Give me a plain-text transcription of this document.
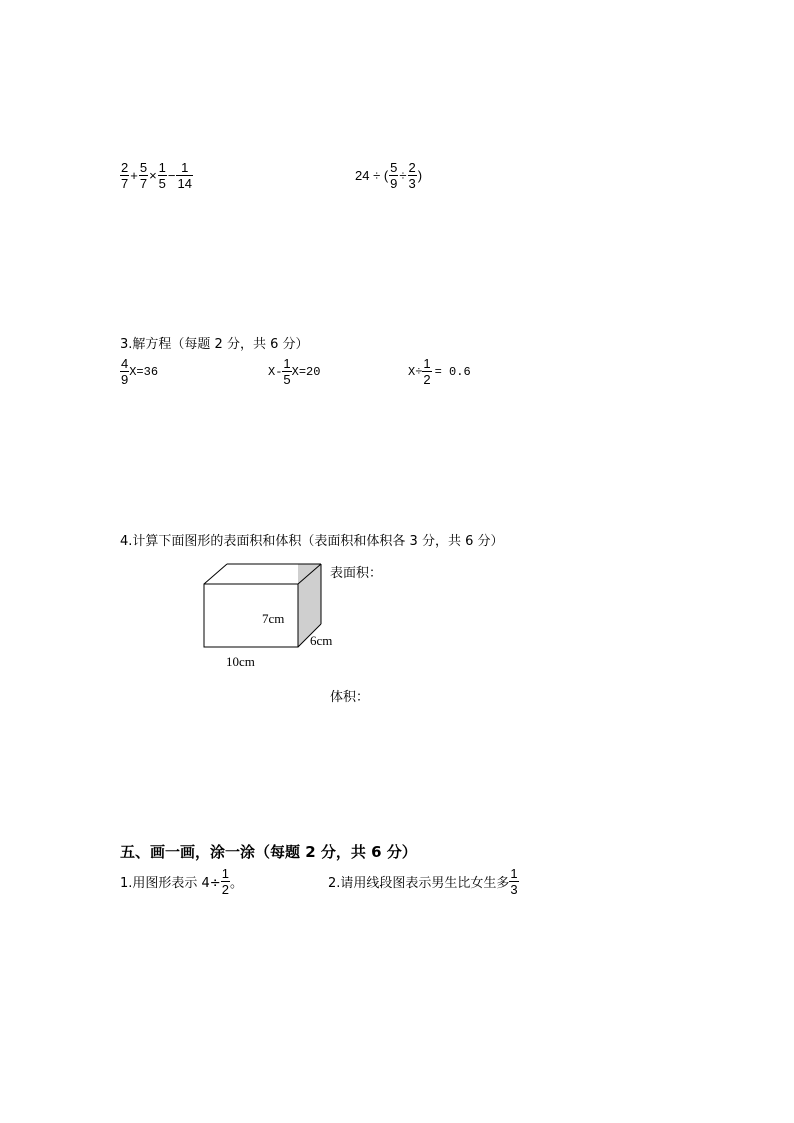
$\frac{2}{7} + \frac{5}{7} \times \frac{1}{5} - \frac{1}{14}$	24 ÷ ( $\frac{5}{9} \div \frac{2}{3}$ )
3.解方程（每题 2 分，共 6 分）
$\frac{4}{9} X=36$	$X- \frac{1}{5} X=20$	$X\div \frac{1}{2} = 0.6$
4.计算下面图形的表面积和体积（表面积和体积各 3 分，共 6 分）
7cm
6cm
10cm
表面积：
体积：
五、画一画，涂一涂（每题 2 分，共 6 分）
1.用图形表示 $4\div \frac{1}{2}$ 。	2.请用线段图表示男生比女生多 $\frac{1}{3}$
